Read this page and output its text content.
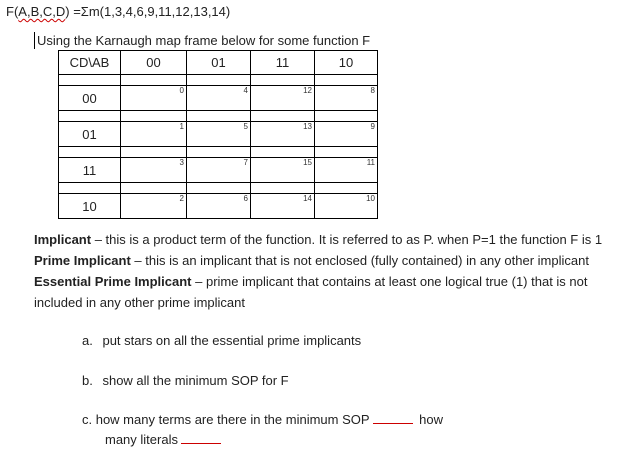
F(A,B,C,D) =Σm(1,3,4,6,9,11,12,13,14)
Using the Karnaugh map frame below for some function F
CD\AB	00	01	11	10

00	0	4	12	8

01	1	5	13	9

11	3	7	15	11

10	2	6	14	10

Implicant – this is a product term of the function. It is referred to as P. when P=1 the function F is 1

Prime Implicant – this is an implicant that is not enclosed (fully contained) in any other implicant

Essential Prime Implicant – prime implicant that contains at least one logical true (1) that is not

included in any other prime implicant

a. put stars on all the essential prime implicants
b. show all the minimum SOP for F
c. how many terms are there in the minimum SOP	how
many literals
